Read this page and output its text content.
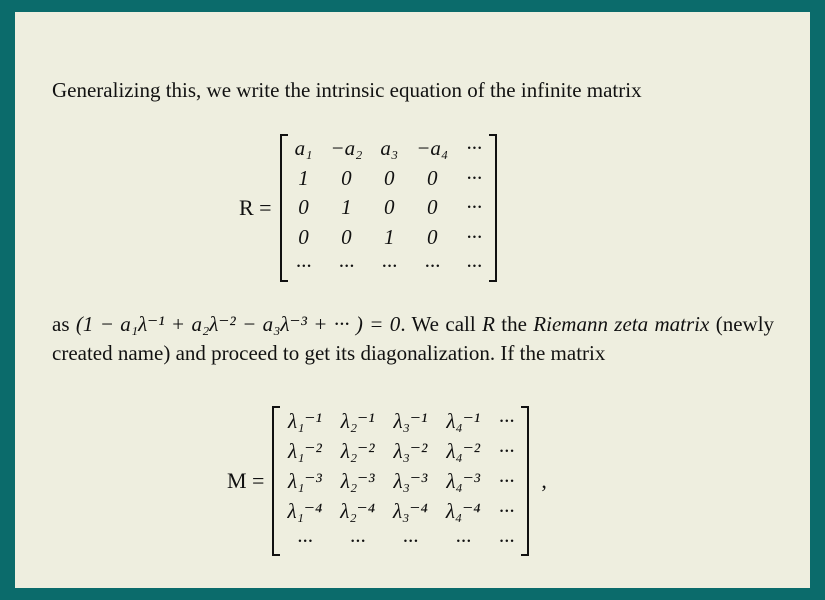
Generalizing this, we write the intrinsic equation of the infinite matrix
R =
a₁	−a₂	a₃	−a₄	···
1	0	0	0	···
0	1	0	0	···
0	0	1	0	···
···	···	···	···	···
as (1 − a₁λ⁻¹ + a₂λ⁻² − a₃λ⁻³ + ··· ) = 0. We call R the Riemann zeta matrix (newly created name) and proceed to get its diagonalization. If the matrix
M =
λ₁⁻¹	λ₂⁻¹	λ₃⁻¹	λ₄⁻¹	···
λ₁⁻²	λ₂⁻²	λ₃⁻²	λ₄⁻²	···
λ₁⁻³	λ₂⁻³	λ₃⁻³	λ₄⁻³	···
λ₁⁻⁴	λ₂⁻⁴	λ₃⁻⁴	λ₄⁻⁴	···
···	···	···	···	···
,
